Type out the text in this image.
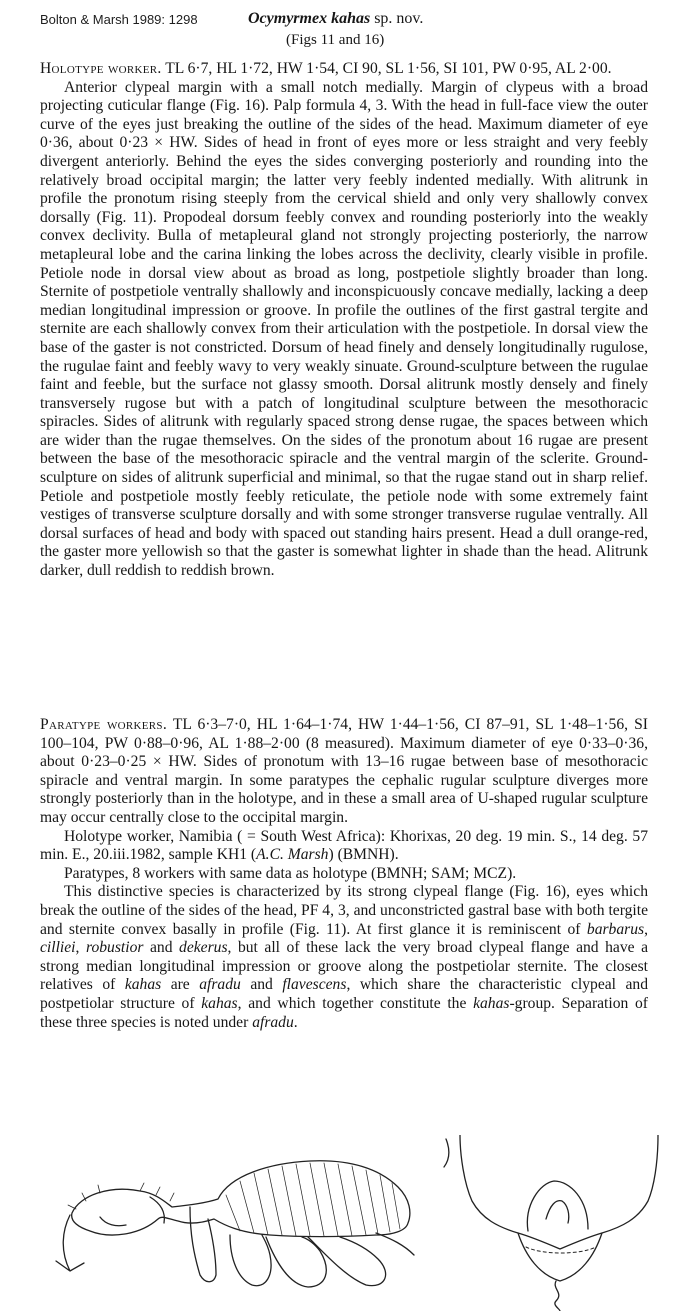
Bolton & Marsh 1989: 1298	Ocymyrmex kahas sp. nov.
(Figs 11 and 16)

Holotype worker. TL 6·7, HL 1·72, HW 1·54, CI 90, SL 1·56, SI 101, PW 0·95, AL 2·00.

Anterior clypeal margin with a small notch medially. Margin of clypeus with a broad projecting cuticular flange (Fig. 16). Palp formula 4, 3. With the head in full-face view the outer curve of the eyes just breaking the outline of the sides of the head. Maximum diameter of eye 0·36, about 0·23 × HW. Sides of head in front of eyes more or less straight and very feebly divergent anteriorly. Behind the eyes the sides converging posteriorly and rounding into the relatively broad occipital margin; the latter very feebly indented medially. With alitrunk in profile the pronotum rising steeply from the cervical shield and only very shallowly convex dorsally (Fig. 11). Propodeal dorsum feebly convex and rounding posteriorly into the weakly convex declivity. Bulla of metapleural gland not strongly projecting posteriorly, the narrow metapleural lobe and the carina linking the lobes across the declivity, clearly visible in profile. Petiole node in dorsal view about as broad as long, postpetiole slightly broader than long. Sternite of postpetiole ventrally shallowly and inconspicuously concave medially, lacking a deep median longitudinal impression or groove. In profile the outlines of the first gastral tergite and sternite are each shallowly convex from their articulation with the postpetiole. In dorsal view the base of the gaster is not constricted. Dorsum of head finely and densely longitudinally rugulose, the rugulae faint and feebly wavy to very weakly sinuate. Ground-sculpture between the rugulae faint and feeble, but the surface not glassy smooth. Dorsal alitrunk mostly densely and finely transversely rugose but with a patch of longitudinal sculpture between the mesothoracic spiracles. Sides of alitrunk with regularly spaced strong dense rugae, the spaces between which are wider than the rugae themselves. On the sides of the pronotum about 16 rugae are present between the base of the mesothoracic spiracle and the ventral margin of the sclerite. Ground-sculpture on sides of alitrunk superficial and minimal, so that the rugae stand out in sharp relief. Petiole and postpetiole mostly feebly reticulate, the petiole node with some extremely faint vestiges of transverse sculpture dorsally and with some stronger transverse rugulae ventrally. All dorsal surfaces of head and body with spaced out standing hairs present. Head a dull orange-red, the gaster more yellowish so that the gaster is somewhat lighter in shade than the head. Alitrunk darker, dull reddish to reddish brown.

Paratype workers. TL 6·3–7·0, HL 1·64–1·74, HW 1·44–1·56, CI 87–91, SL 1·48–1·56, SI 100–104, PW 0·88–0·96, AL 1·88–2·00 (8 measured). Maximum diameter of eye 0·33–0·36, about 0·23–0·25 × HW. Sides of pronotum with 13–16 rugae between base of mesothoracic spiracle and ventral margin. In some paratypes the cephalic rugular sculpture diverges more strongly posteriorly than in the holotype, and in these a small area of U-shaped rugular sculpture may occur centrally close to the occipital margin.

Holotype worker, Namibia ( = South West Africa): Khorixas, 20 deg. 19 min. S., 14 deg. 57 min. E., 20.iii.1982, sample KH1 (A.C. Marsh) (BMNH).

Paratypes, 8 workers with same data as holotype (BMNH; SAM; MCZ).

This distinctive species is characterized by its strong clypeal flange (Fig. 16), eyes which break the outline of the sides of the head, PF 4, 3, and unconstricted gastral base with both tergite and sternite convex basally in profile (Fig. 11). At first glance it is reminiscent of barbarus, cilliei, robustior and dekerus, but all of these lack the very broad clypeal flange and have a strong median longitudinal impression or groove along the postpetiolar sternite. The closest relatives of kahas are afradu and flavescens, which share the characteristic clypeal and postpetiolar structure of kahas, and which together constitute the kahas-group. Separation of these three species is noted under afradu.
